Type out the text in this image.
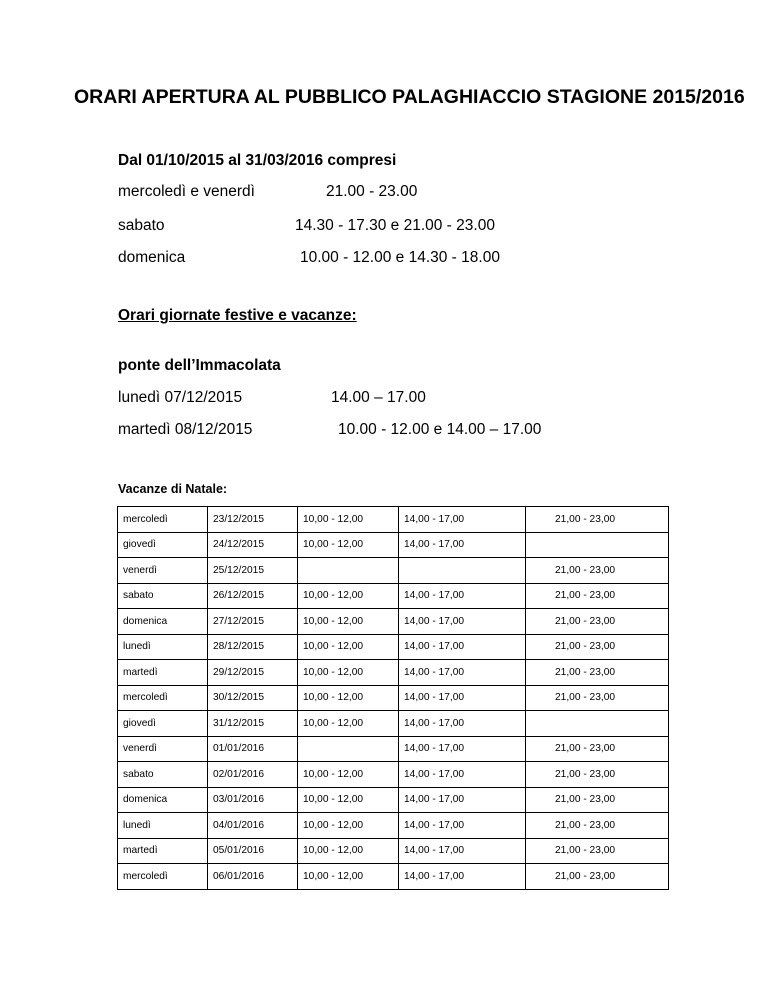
ORARI APERTURA AL PUBBLICO PALAGHIACCIO STAGIONE 2015/2016
Dal 01/10/2015 al 31/03/2016 compresi
mercoledì e venerdì	21.00 - 23.00
sabato	14.30 - 17.30 e 21.00 - 23.00
domenica	10.00 - 12.00 e 14.30 - 18.00
Orari giornate festive e vacanze:
ponte dell’Immacolata
lunedì 07/12/2015	14.00 – 17.00
martedì 08/12/2015	10.00 - 12.00 e 14.00 – 17.00
Vacanze di Natale:
mercoledì	23/12/2015	10,00 - 12,00	14,00 - 17,00	21,00 - 23,00
giovedì	24/12/2015	10,00 - 12,00	14,00 - 17,00	
venerdì	25/12/2015			21,00 - 23,00
sabato	26/12/2015	10,00 - 12,00	14,00 - 17,00	21,00 - 23,00
domenica	27/12/2015	10,00 - 12,00	14,00 - 17,00	21,00 - 23,00
lunedì	28/12/2015	10,00 - 12,00	14,00 - 17,00	21,00 - 23,00
martedì	29/12/2015	10,00 - 12,00	14,00 - 17,00	21,00 - 23,00
mercoledì	30/12/2015	10,00 - 12,00	14,00 - 17,00	21,00 - 23,00
giovedì	31/12/2015	10,00 - 12,00	14,00 - 17,00	
venerdì	01/01/2016		14,00 - 17,00	21,00 - 23,00
sabato	02/01/2016	10,00 - 12,00	14,00 - 17,00	21,00 - 23,00
domenica	03/01/2016	10,00 - 12,00	14,00 - 17,00	21,00 - 23,00
lunedì	04/01/2016	10,00 - 12,00	14,00 - 17,00	21,00 - 23,00
martedì	05/01/2016	10,00 - 12,00	14,00 - 17,00	21,00 - 23,00
mercoledì	06/01/2016	10,00 - 12,00	14,00 - 17,00	21,00 - 23,00
